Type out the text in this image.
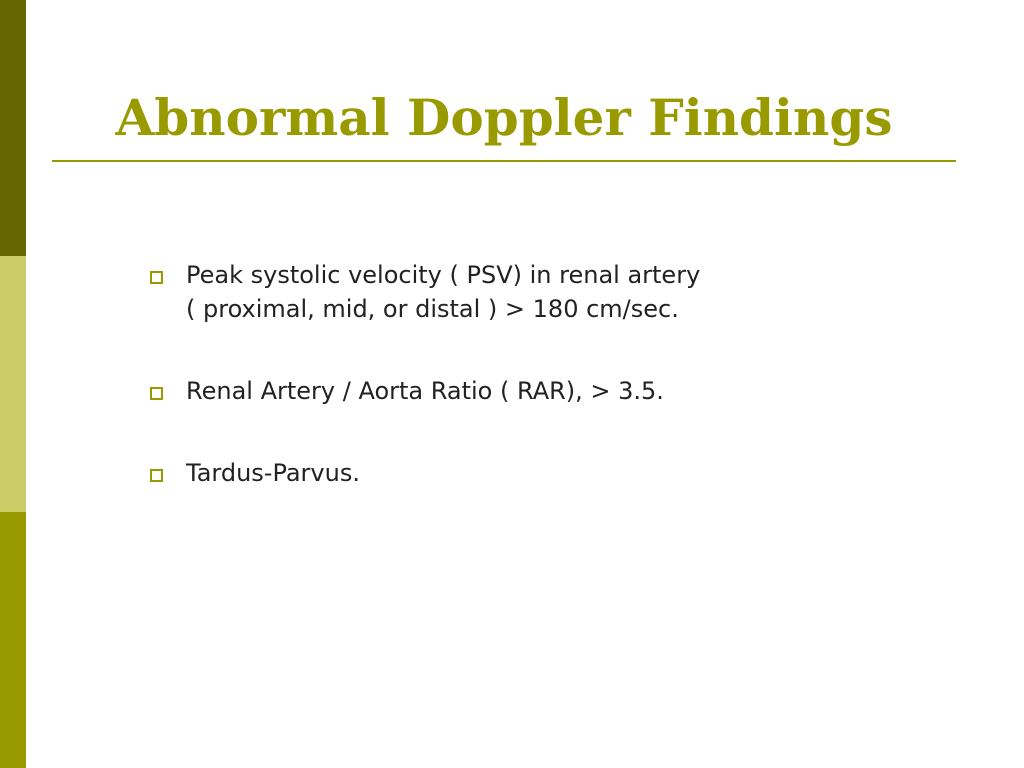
Abnormal Doppler Findings
Peak systolic velocity ( PSV) in renal artery
( proximal, mid, or distal ) > 180 cm/sec.
Renal Artery / Aorta Ratio ( RAR), > 3.5.
Tardus-Parvus.
